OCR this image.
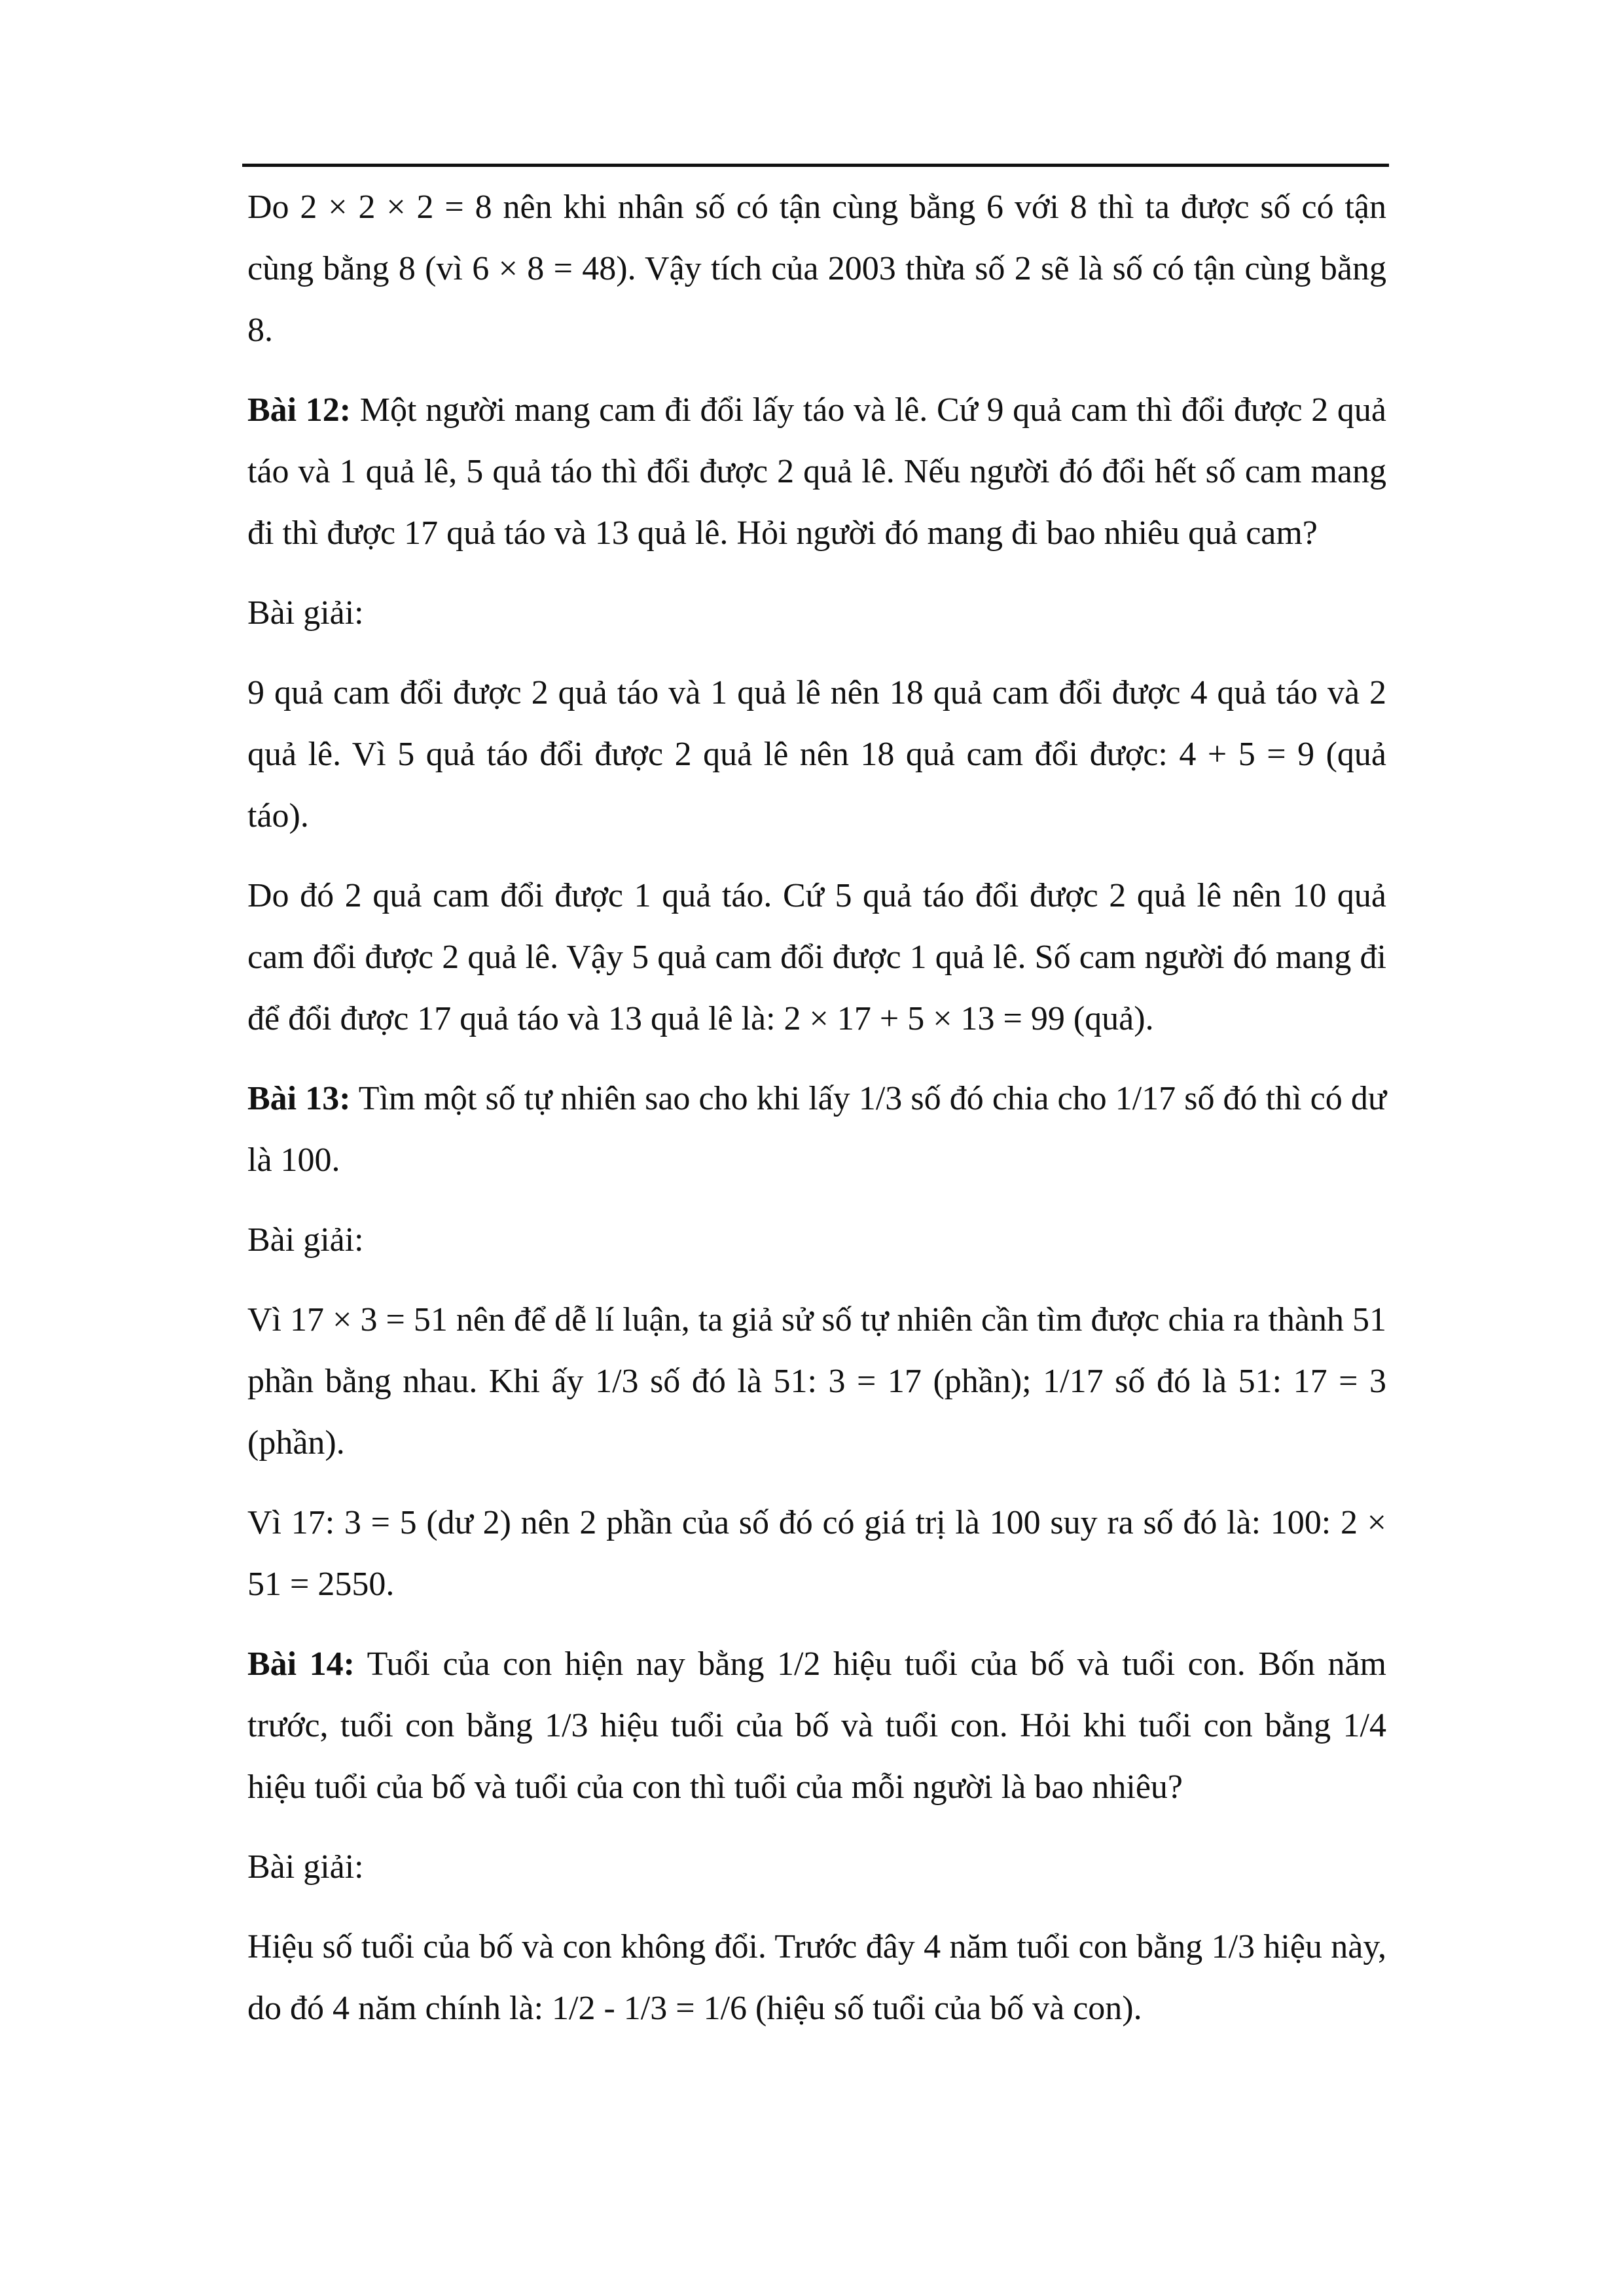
Do 2 × 2 × 2 = 8 nên khi nhân số có tận cùng bằng 6 với 8 thì ta được số có tận cùng bằng 8 (vì 6 × 8 = 48). Vậy tích của 2003 thừa số 2 sẽ là số có tận cùng bằng 8.

Bài 12: Một người mang cam đi đổi lấy táo và lê. Cứ 9 quả cam thì đổi được 2 quả táo và 1 quả lê, 5 quả táo thì đổi được 2 quả lê. Nếu người đó đổi hết số cam mang đi thì được 17 quả táo và 13 quả lê. Hỏi người đó mang đi bao nhiêu quả cam?

Bài giải:

9 quả cam đổi được 2 quả táo và 1 quả lê nên 18 quả cam đổi được 4 quả táo và 2 quả lê. Vì 5 quả táo đổi được 2 quả lê nên 18 quả cam đổi được: 4 + 5 = 9 (quả táo).

Do đó 2 quả cam đổi được 1 quả táo. Cứ 5 quả táo đổi được 2 quả lê nên 10 quả cam đổi được 2 quả lê. Vậy 5 quả cam đổi được 1 quả lê. Số cam người đó mang đi để đổi được 17 quả táo và 13 quả lê là: 2 × 17 + 5 × 13 = 99 (quả).

Bài 13: Tìm một số tự nhiên sao cho khi lấy 1/3 số đó chia cho 1/17 số đó thì có dư là 100.

Bài giải:

Vì 17 × 3 = 51 nên để dễ lí luận, ta giả sử số tự nhiên cần tìm được chia ra thành 51 phần bằng nhau. Khi ấy 1/3 số đó là 51: 3 = 17 (phần); 1/17 số đó là 51: 17 = 3 (phần).

Vì 17: 3 = 5 (dư 2) nên 2 phần của số đó có giá trị là 100 suy ra số đó là: 100: 2 × 51 = 2550.

Bài 14: Tuổi của con hiện nay bằng 1/2 hiệu tuổi của bố và tuổi con. Bốn năm trước, tuổi con bằng 1/3 hiệu tuổi của bố và tuổi con. Hỏi khi tuổi con bằng 1/4 hiệu tuổi của bố và tuổi của con thì tuổi của mỗi người là bao nhiêu?

Bài giải:

Hiệu số tuổi của bố và con không đổi. Trước đây 4 năm tuổi con bằng 1/3 hiệu này, do đó 4 năm chính là: 1/2 - 1/3 = 1/6 (hiệu số tuổi của bố và con).
